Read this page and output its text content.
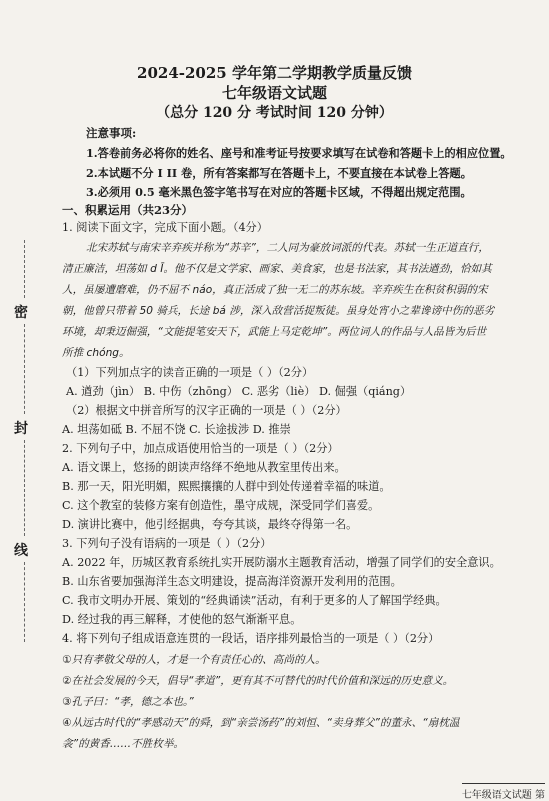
2024-2025 学年第二学期教学质量反馈
七年级语文试题
（总分 120 分 考试时间 120 分钟）
注意事项:
1.答卷前务必将你的姓名、座号和准考证号按要求填写在试卷和答题卡上的相应位置。
2.本试题不分 I II 卷，所有答案都写在答题卡上，不要直接在本试卷上答题。
3.必须用 0.5 毫米黑色签字笔书写在对应的答题卡区域，不得超出规定范围。
一、积累运用（共23分）
1. 阅读下面文字，完成下面小题。（4分）
北宋苏轼与南宋辛弃疾并称为“苏辛”，二人同为豪放词派的代表。苏轼一生正道直行，
清正廉洁，坦荡如 d Ī。他不仅是文学家、画家、美食家，也是书法家，其书法遒劲，恰如其
人，虽屡遭磨难，仍不屈不 náo，真正活成了独一无二的苏东坡。辛弃疾生在积贫积弱的宋
朝，他曾只带着 50 骑兵，长途 bá 涉，深入敌营活捉叛徒。虽身处宵小之辈谗谤中伤的恶劣
环境，却秉迈倔强，“文能提笔安天下，武能上马定乾坤”。两位词人的作品与人品皆为后世
所推 chóng。
（1）下列加点字的读音正确的一项是（ ）（2分）
A. 遒劲（jìn） B. 中伤（zhōng） C. 恶劣（liè） D. 倔强（qiáng）
（2）根据文中拼音所写的汉字正确的一项是（ ）（2分）
A. 坦荡如砥 B. 不屈不饶 C. 长途拔涉 D. 推崇
2. 下列句子中，加点成语使用恰当的一项是（ ）（2分）
A. 语文课上，悠扬的朗读声络绎不绝地从教室里传出来。
B. 那一天，阳光明媚，熙熙攘攘的人群中到处传递着幸福的味道。
C. 这个教室的装修方案有创造性，墨守成规，深受同学们喜爱。
D. 演讲比赛中，他引经据典，夸夸其谈，最终夺得第一名。
3. 下列句子没有语病的一项是（ ）（2分）
A. 2022 年，历城区教育系统扎实开展防溺水主题教育活动，增强了同学们的安全意识。
B. 山东省要加强海洋生态文明建设，提高海洋资源开发利用的范围。
C. 我市文明办开展、策划的“经典诵读”活动，有利于更多的人了解国学经典。
D. 经过我的再三解释，才使他的怒气渐渐平息。
4. 将下列句子组成语意连贯的一段话，语序排列最恰当的一项是（ ）（2分）
①只有孝敬父母的人，才是一个有责任心的、高尚的人。
②在社会发展的今天，倡导“孝道”，更有其不可替代的时代价值和深远的历史意义。
③孔子曰：“孝，德之本也。”
④从远古时代的“孝感动天”的舜，到“亲尝汤药”的刘恒、“卖身葬父”的董永、“扇枕温
衾”的黄香……不胜枚举。
密
封
线
七年级语文试题 第
